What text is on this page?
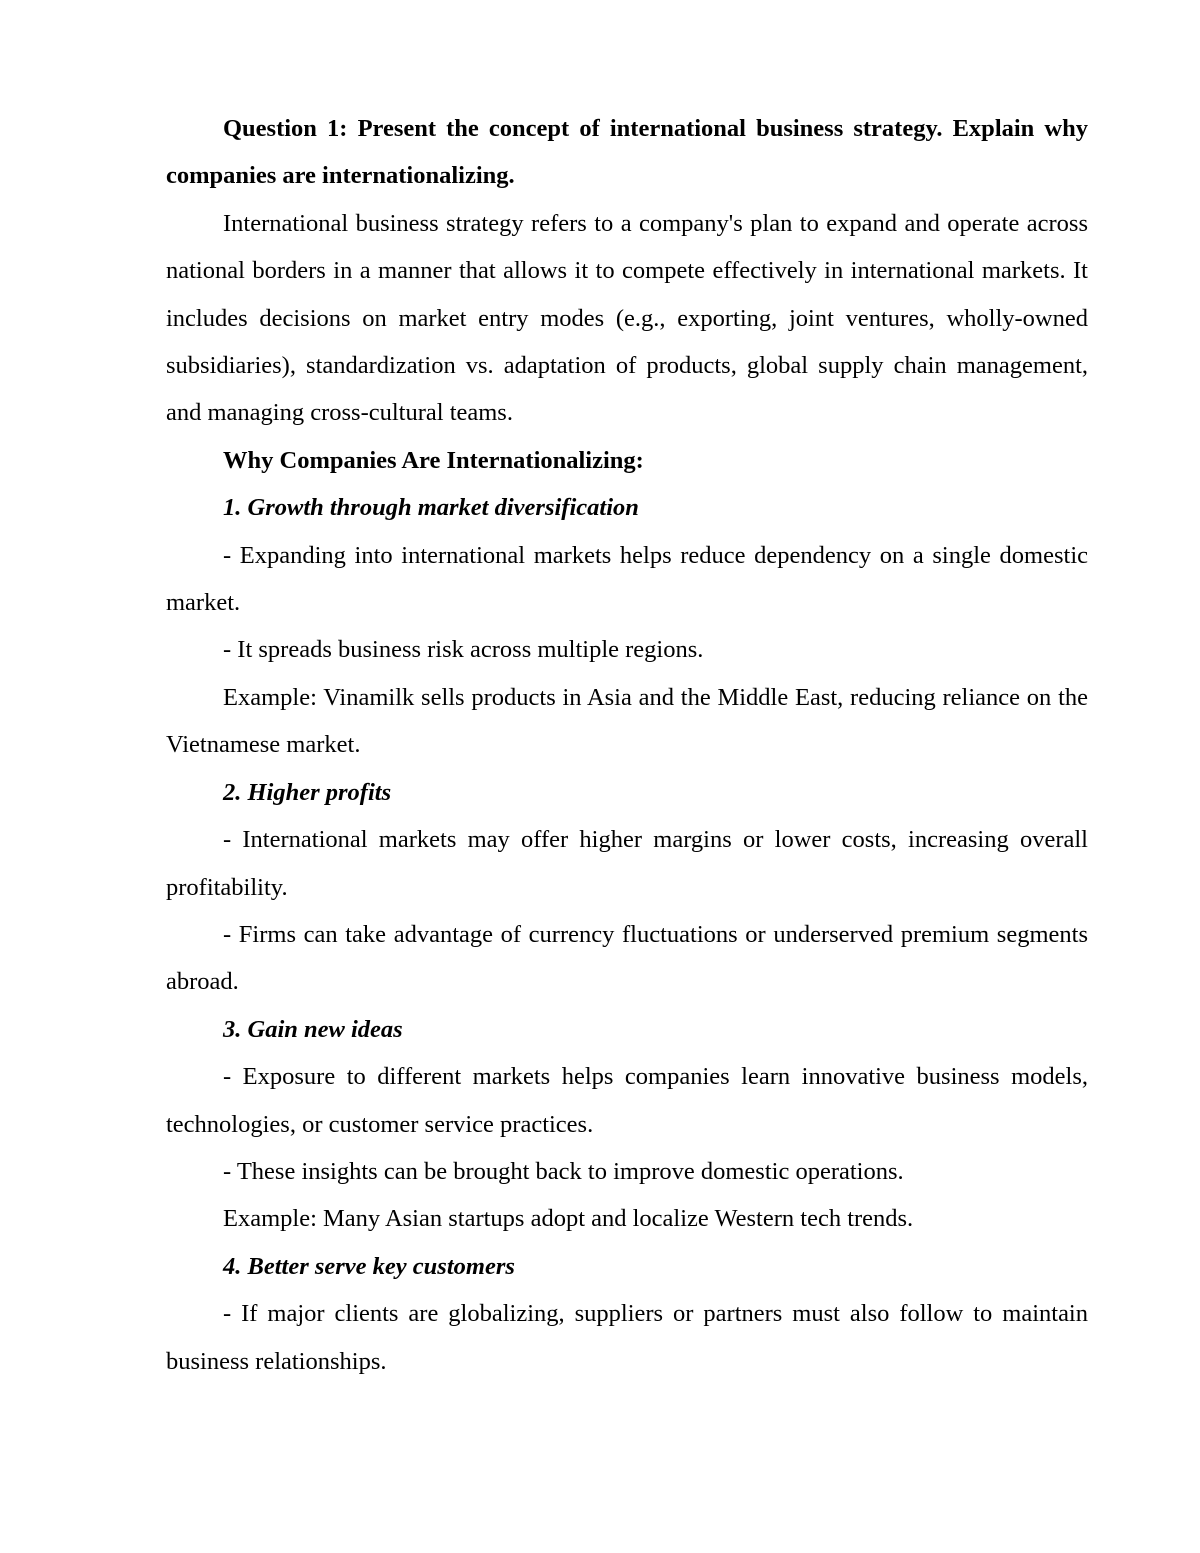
Question 1: Present the concept of international business strategy. Explain why companies are internationalizing.

International business strategy refers to a company's plan to expand and operate across national borders in a manner that allows it to compete effectively in international markets. It includes decisions on market entry modes (e.g., exporting, joint ventures, wholly-owned subsidiaries), standardization vs. adaptation of products, global supply chain management, and managing cross-cultural teams.

Why Companies Are Internationalizing:

1. Growth through market diversification

- Expanding into international markets helps reduce dependency on a single domestic market.

- It spreads business risk across multiple regions.

Example: Vinamilk sells products in Asia and the Middle East, reducing reliance on the Vietnamese market.

2. Higher profits

- International markets may offer higher margins or lower costs, increasing overall profitability.

- Firms can take advantage of currency fluctuations or underserved premium segments abroad.

3. Gain new ideas

- Exposure to different markets helps companies learn innovative business models, technologies, or customer service practices.

- These insights can be brought back to improve domestic operations.

Example: Many Asian startups adopt and localize Western tech trends.

4. Better serve key customers

- If major clients are globalizing, suppliers or partners must also follow to maintain business relationships.
